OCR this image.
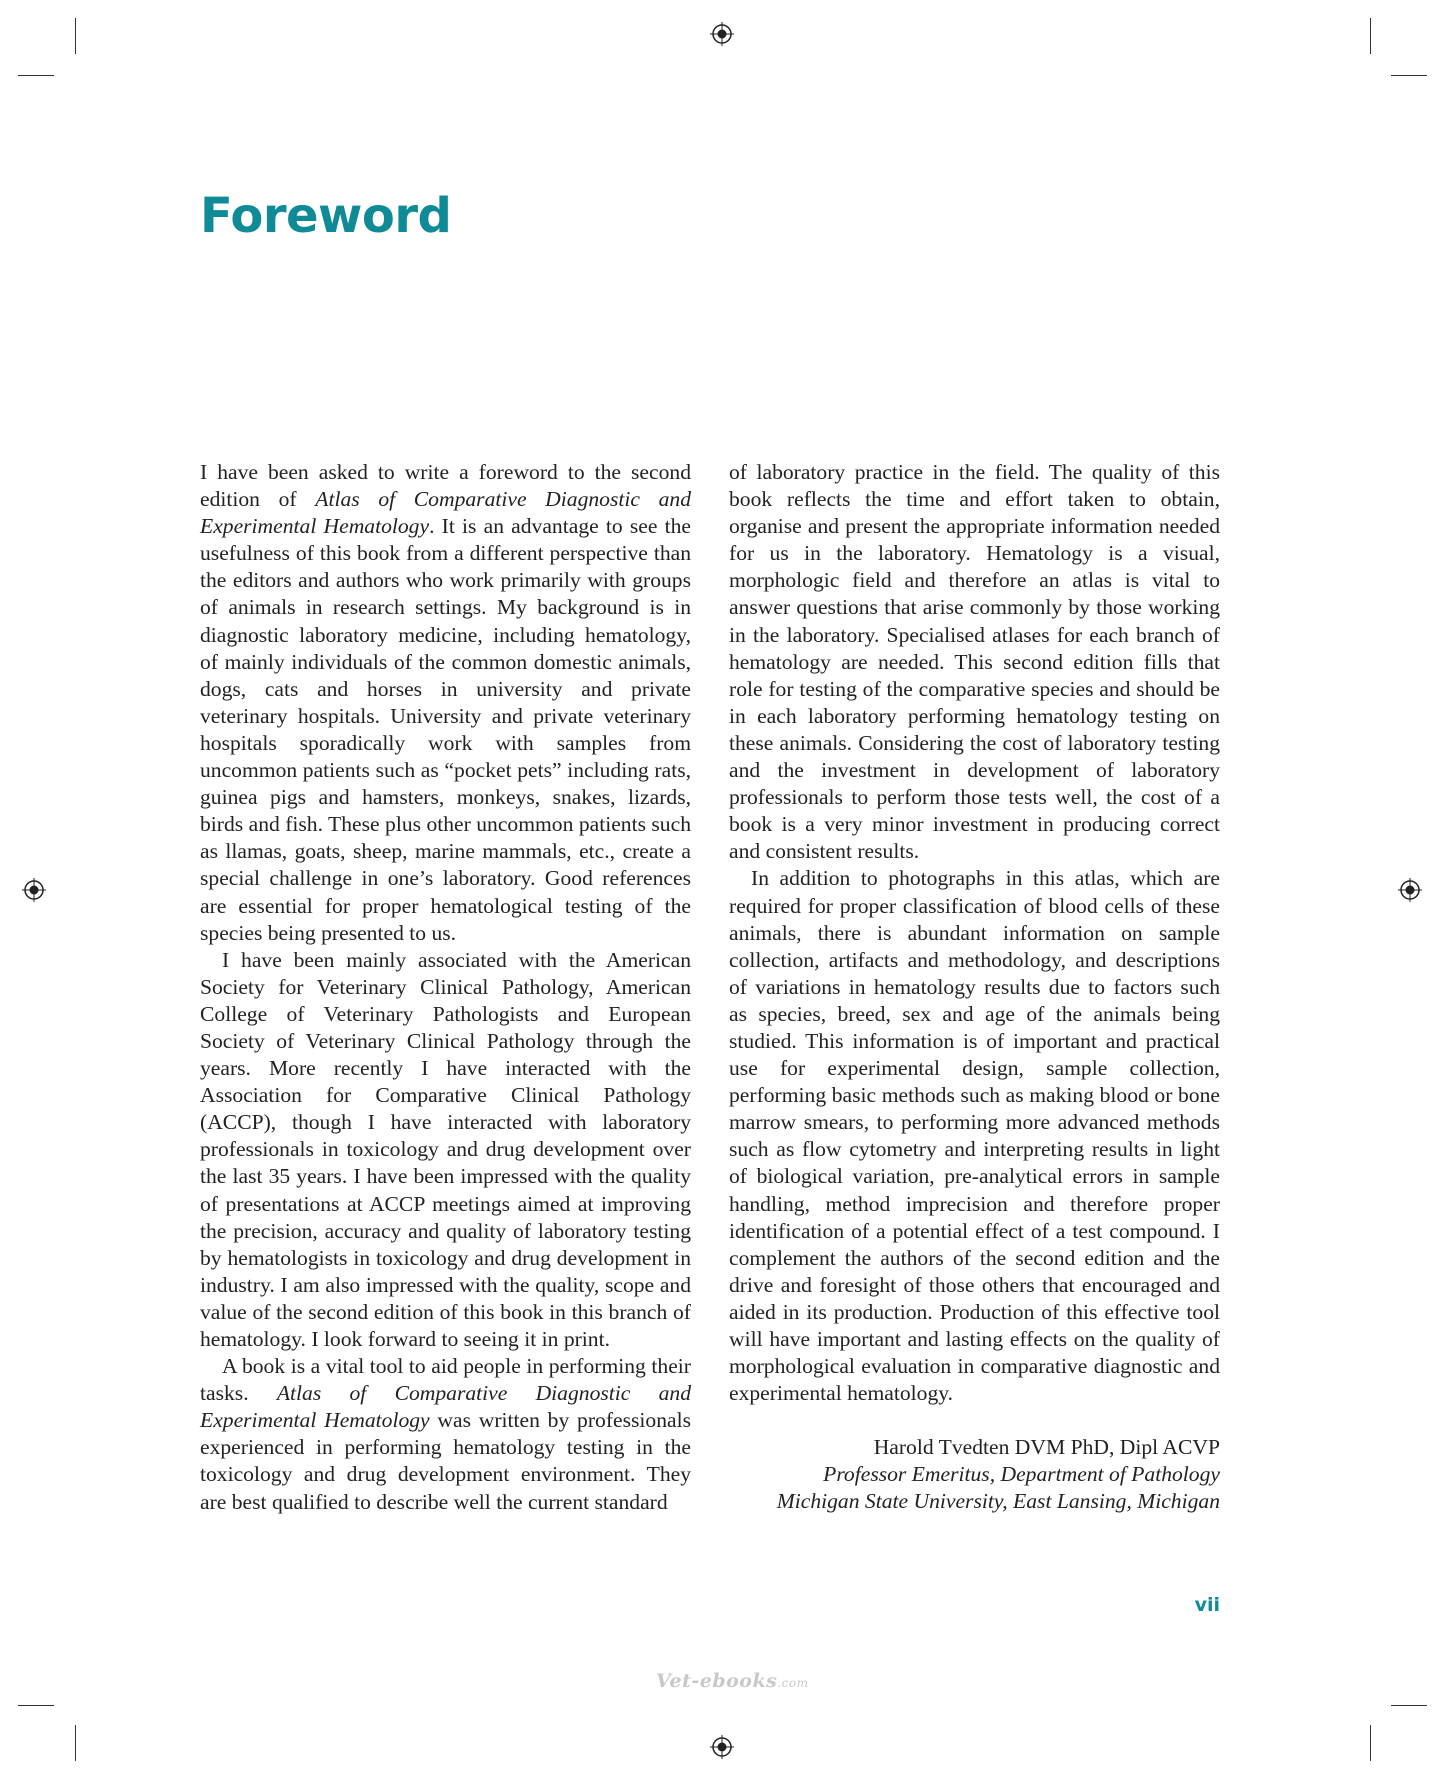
Foreword

I have been asked to write a foreword to the second edition of Atlas of Comparative Diagnostic and Experimental Hematology. It is an advantage to see the usefulness of this book from a different perspective than the editors and authors who work primarily with groups of animals in research settings. My background is in diagnostic laboratory medicine, including hematology, of mainly individuals of the common domestic animals, dogs, cats and horses in university and private veterinary hospitals. University and private veterinary hospitals sporadically work with samples from uncommon patients such as “pocket pets” including rats, guinea pigs and hamsters, monkeys, snakes, lizards, birds and fish. These plus other uncommon patients such as llamas, goats, sheep, marine mammals, etc., create a special challenge in one’s laboratory. Good references are essential for proper hematological testing of the species being presented to us.

I have been mainly associated with the American Society for Veterinary Clinical Pathology, American College of Veterinary Pathologists and European Society of Veterinary Clinical Pathology through the years. More recently I have interacted with the Association for Comparative Clinical Pathology (ACCP), though I have interacted with laboratory professionals in toxicology and drug development over the last 35 years. I have been impressed with the quality of presentations at ACCP meetings aimed at improving the precision, accuracy and quality of laboratory testing by hematologists in toxicology and drug development in industry. I am also impressed with the quality, scope and value of the second edition of this book in this branch of hematology. I look forward to seeing it in print.

A book is a vital tool to aid people in performing their tasks. Atlas of Comparative Diagnostic and Experimental Hematology was written by professionals experienced in performing hematology testing in the toxicology and drug development environment. They are best qualified to describe well the current standard

of laboratory practice in the field. The quality of this book reflects the time and effort taken to obtain, organise and present the appropriate information needed for us in the laboratory. Hematology is a visual, morphologic field and therefore an atlas is vital to answer questions that arise commonly by those working in the laboratory. Specialised atlases for each branch of hematology are needed. This second edition fills that role for testing of the comparative species and should be in each laboratory performing hematology testing on these animals. Considering the cost of laboratory testing and the investment in development of laboratory professionals to perform those tests well, the cost of a book is a very minor investment in producing correct and consistent results.

In addition to photographs in this atlas, which are required for proper classification of blood cells of these animals, there is abundant information on sample collection, artifacts and methodology, and descriptions of variations in hematology results due to factors such as species, breed, sex and age of the animals being studied. This information is of important and practical use for experimental design, sample collection, performing basic methods such as making blood or bone marrow smears, to performing more advanced methods such as flow cytometry and interpreting results in light of biological variation, pre-analytical errors in sample handling, method imprecision and therefore proper identification of a potential effect of a test compound. I complement the authors of the second edition and the drive and foresight of those others that encouraged and aided in its production. Production of this effective tool will have important and lasting effects on the quality of morphological evaluation in comparative diagnostic and experimental hematology.

Harold Tvedten DVM PhD, Dipl ACVP
Professor Emeritus, Department of Pathology
Michigan State University, East Lansing, Michigan
vii
Vet-ebooks.com
